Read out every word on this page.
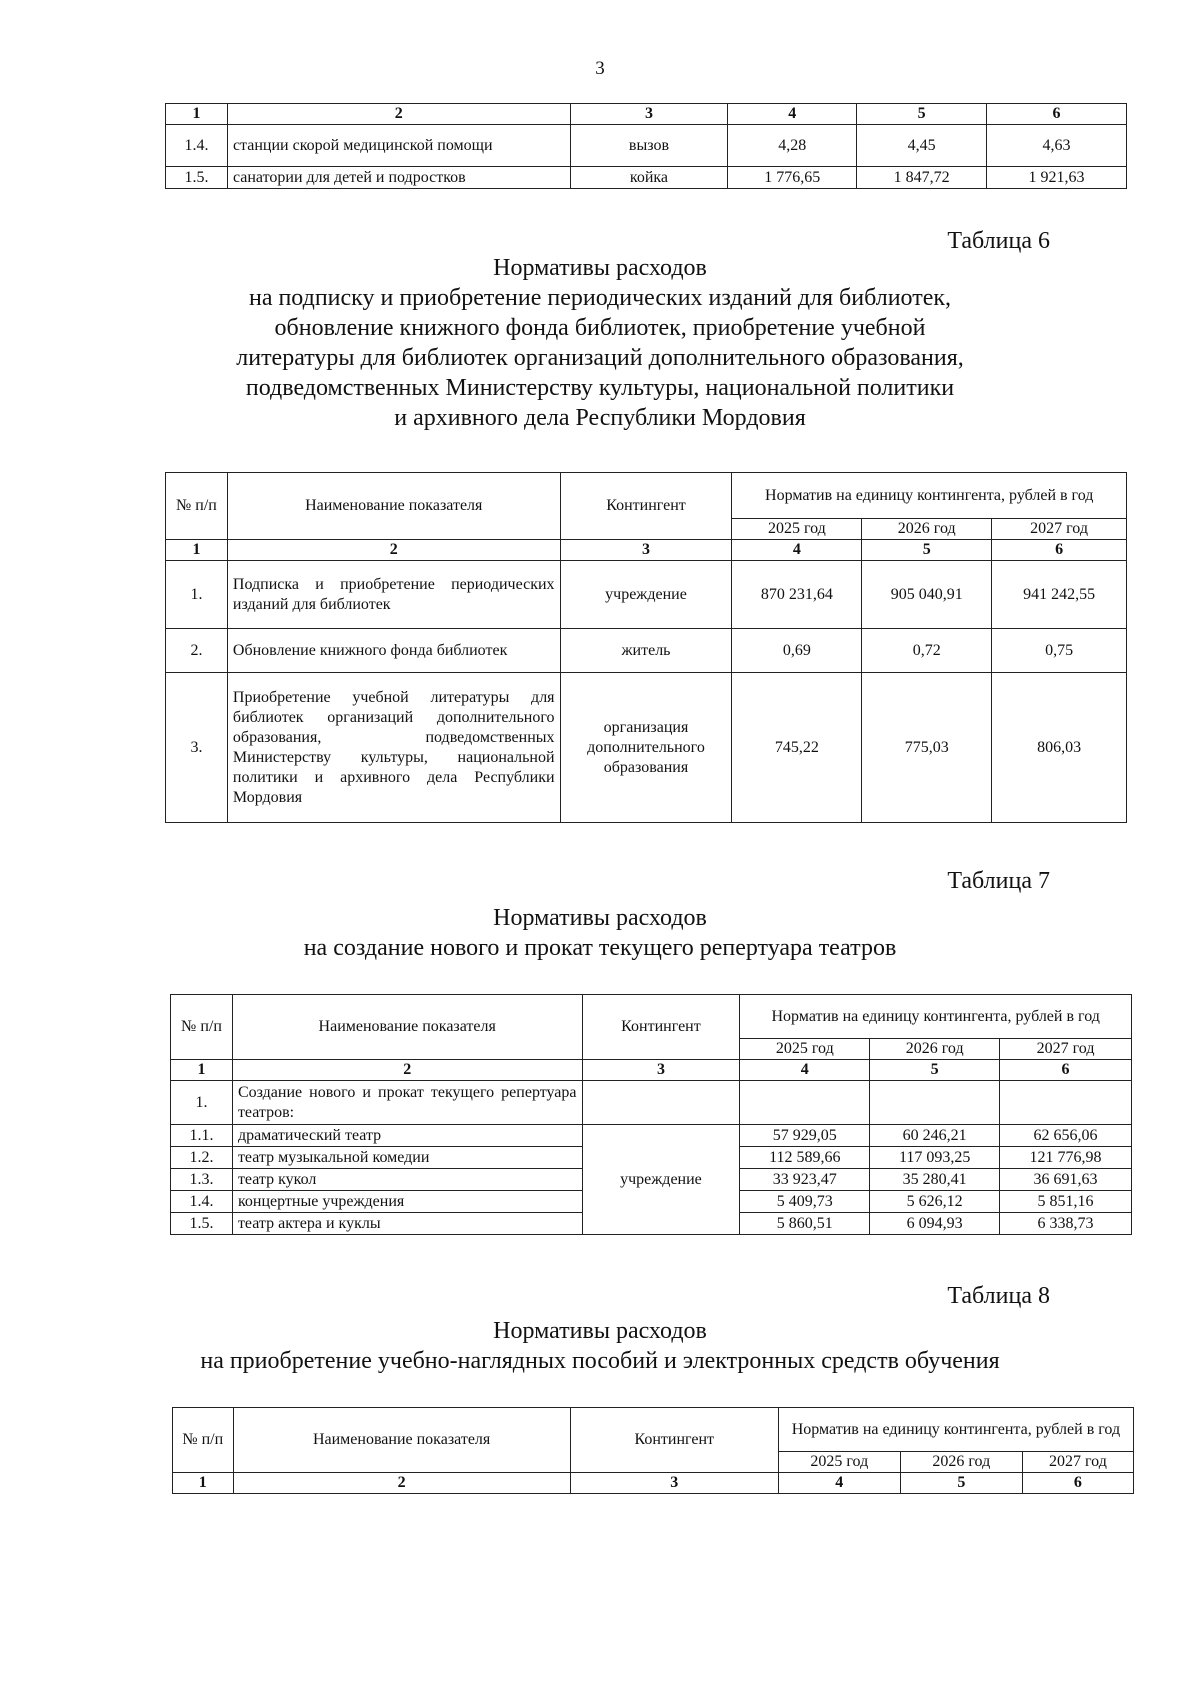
3
1	2	3	4	5	6
1.4.	станции скорой медицинской помощи	вызов	4,28	4,45	4,63
1.5.	санатории для детей и подростков	койка	1 776,65	1 847,72	1 921,63
Таблица 6
Нормативы расходов
на подписку и приобретение периодических изданий для библиотек,
обновление книжного фонда библиотек, приобретение учебной
литературы для библиотек организаций дополнительного образования,
подведомственных Министерству культуры, национальной политики
и архивного дела Республики Мордовия
№ п/п	Наименование показателя	Контингент	Норматив на единицу контингента, рублей в год		
			2025 год	2026 год	2027 год
1	2	3	4	5	6
1.	Подписка и приобретение периодических изданий для библиотек	учреждение	870 231,64	905 040,91	941 242,55
2.	Обновление книжного фонда библиотек	житель	0,69	0,72	0,75
3.	Приобретение учебной литературы для библиотек организаций дополнительного образования, подведомственных Министерству культуры, национальной политики и архивного дела Республики Мордовия	организация дополнительного образования	745,22	775,03	806,03
Таблица 7
Нормативы расходов
на создание нового и прокат текущего репертуара театров
№ п/п	Наименование показателя	Контингент	Норматив на единицу контингента, рублей в год		
			2025 год	2026 год	2027 год
1	2	3	4	5	6
1.	Создание нового и прокат текущего репертуара театров:				
1.1.	драматический театр	учреждение	57 929,05	60 246,21	62 656,06
1.2.	театр музыкальной комедии		112 589,66	117 093,25	121 776,98
1.3.	театр кукол		33 923,47	35 280,41	36 691,63
1.4.	концертные учреждения		5 409,73	5 626,12	5 851,16
1.5.	театр актера и куклы		5 860,51	6 094,93	6 338,73
Таблица 8
Нормативы расходов
на приобретение учебно-наглядных пособий и электронных средств обучения
№ п/п	Наименование показателя	Контингент	Норматив на единицу контингента, рублей в год		
			2025 год	2026 год	2027 год
1	2	3	4	5	6
